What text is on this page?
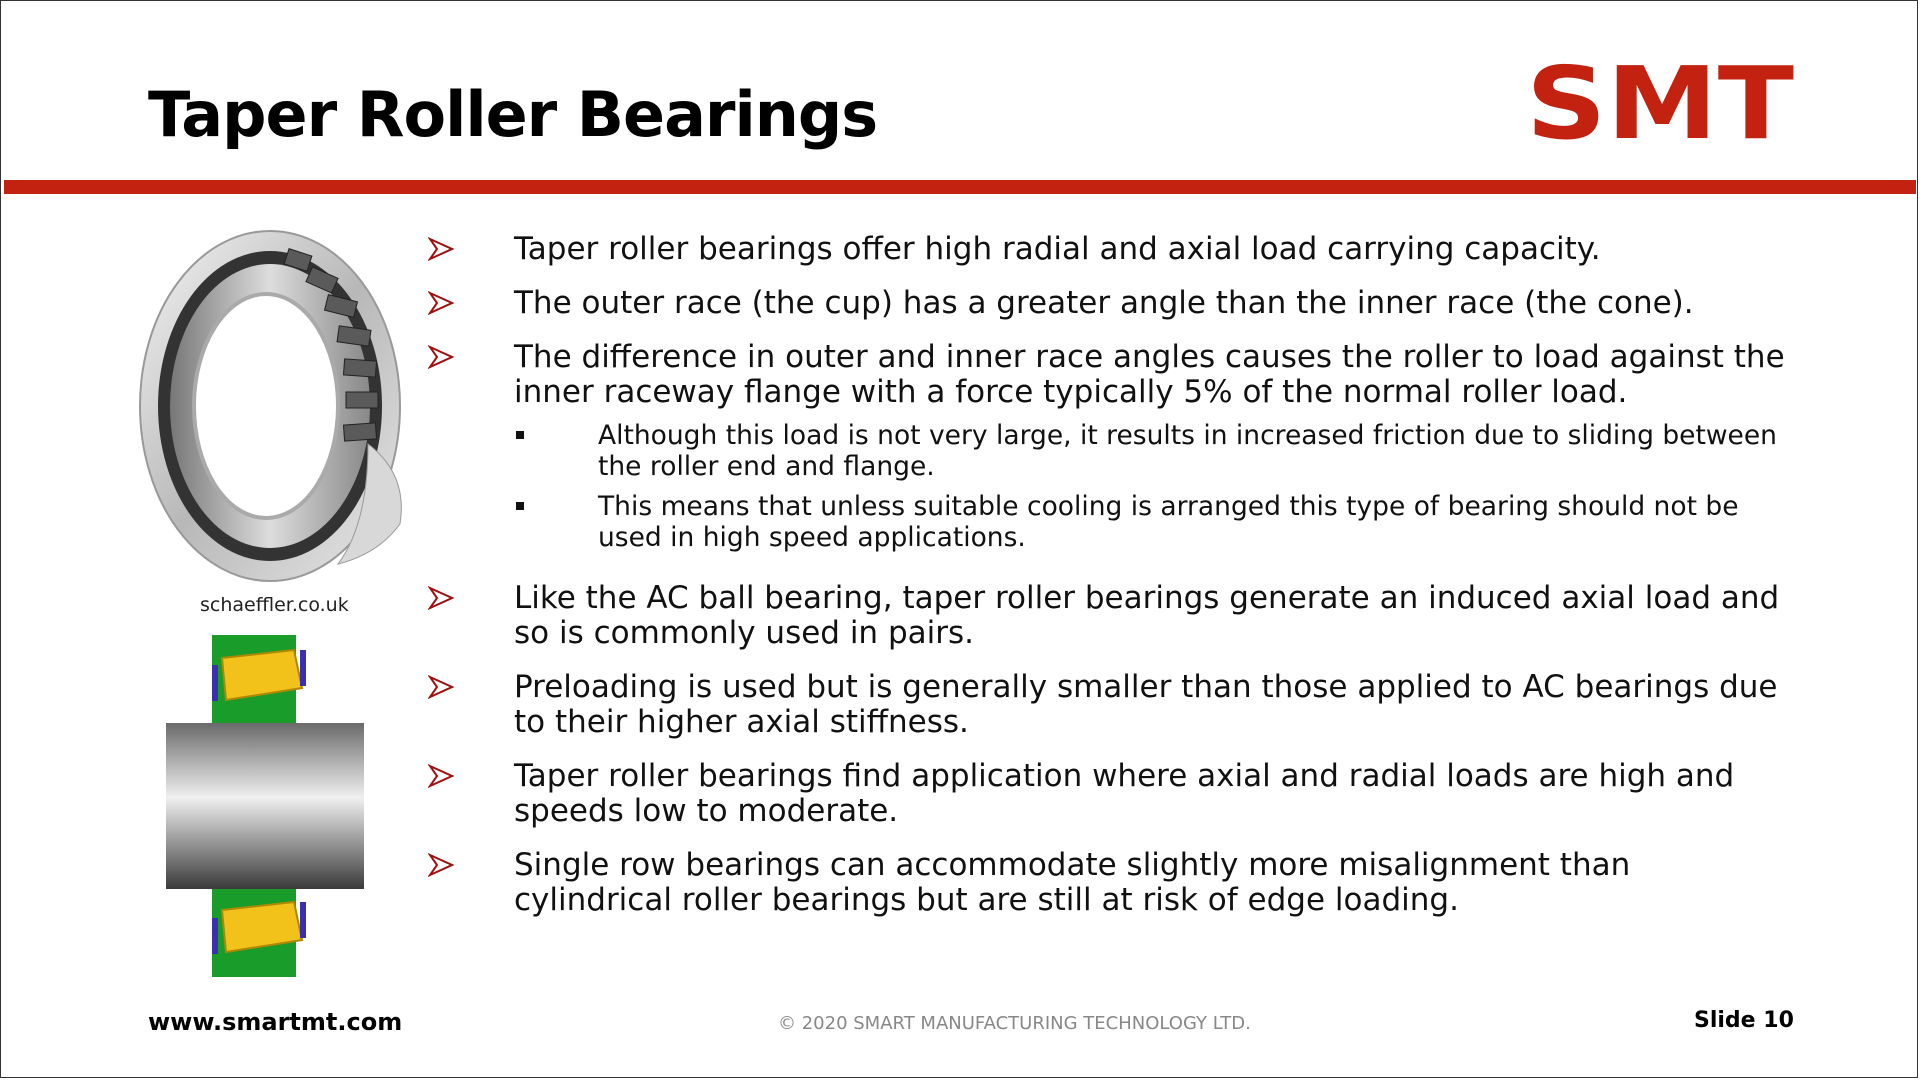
Taper Roller Bearings	SMT
schaeffler.co.uk
Taper roller bearings offer high radial and axial load carrying capacity.
The outer race (the cup) has a greater angle than the inner race (the cone).
The difference in outer and inner race angles causes the roller to load against the inner raceway flange with a force typically 5% of the normal roller load.
Although this load is not very large, it results in increased friction due to sliding between the roller end and flange.
This means that unless suitable cooling is arranged this type of bearing should not be used in high speed applications.
Like the AC ball bearing, taper roller bearings generate an induced axial load and so is commonly used in pairs.
Preloading is used but is generally smaller than those applied to AC bearings due to their higher axial stiffness.
Taper roller bearings find application where axial and radial loads are high and speeds low to moderate.
Single row bearings can accommodate slightly more misalignment than cylindrical roller bearings but are still at risk of edge loading.
www.smartmt.com	© 2020 SMART MANUFACTURING TECHNOLOGY LTD.	Slide 10
